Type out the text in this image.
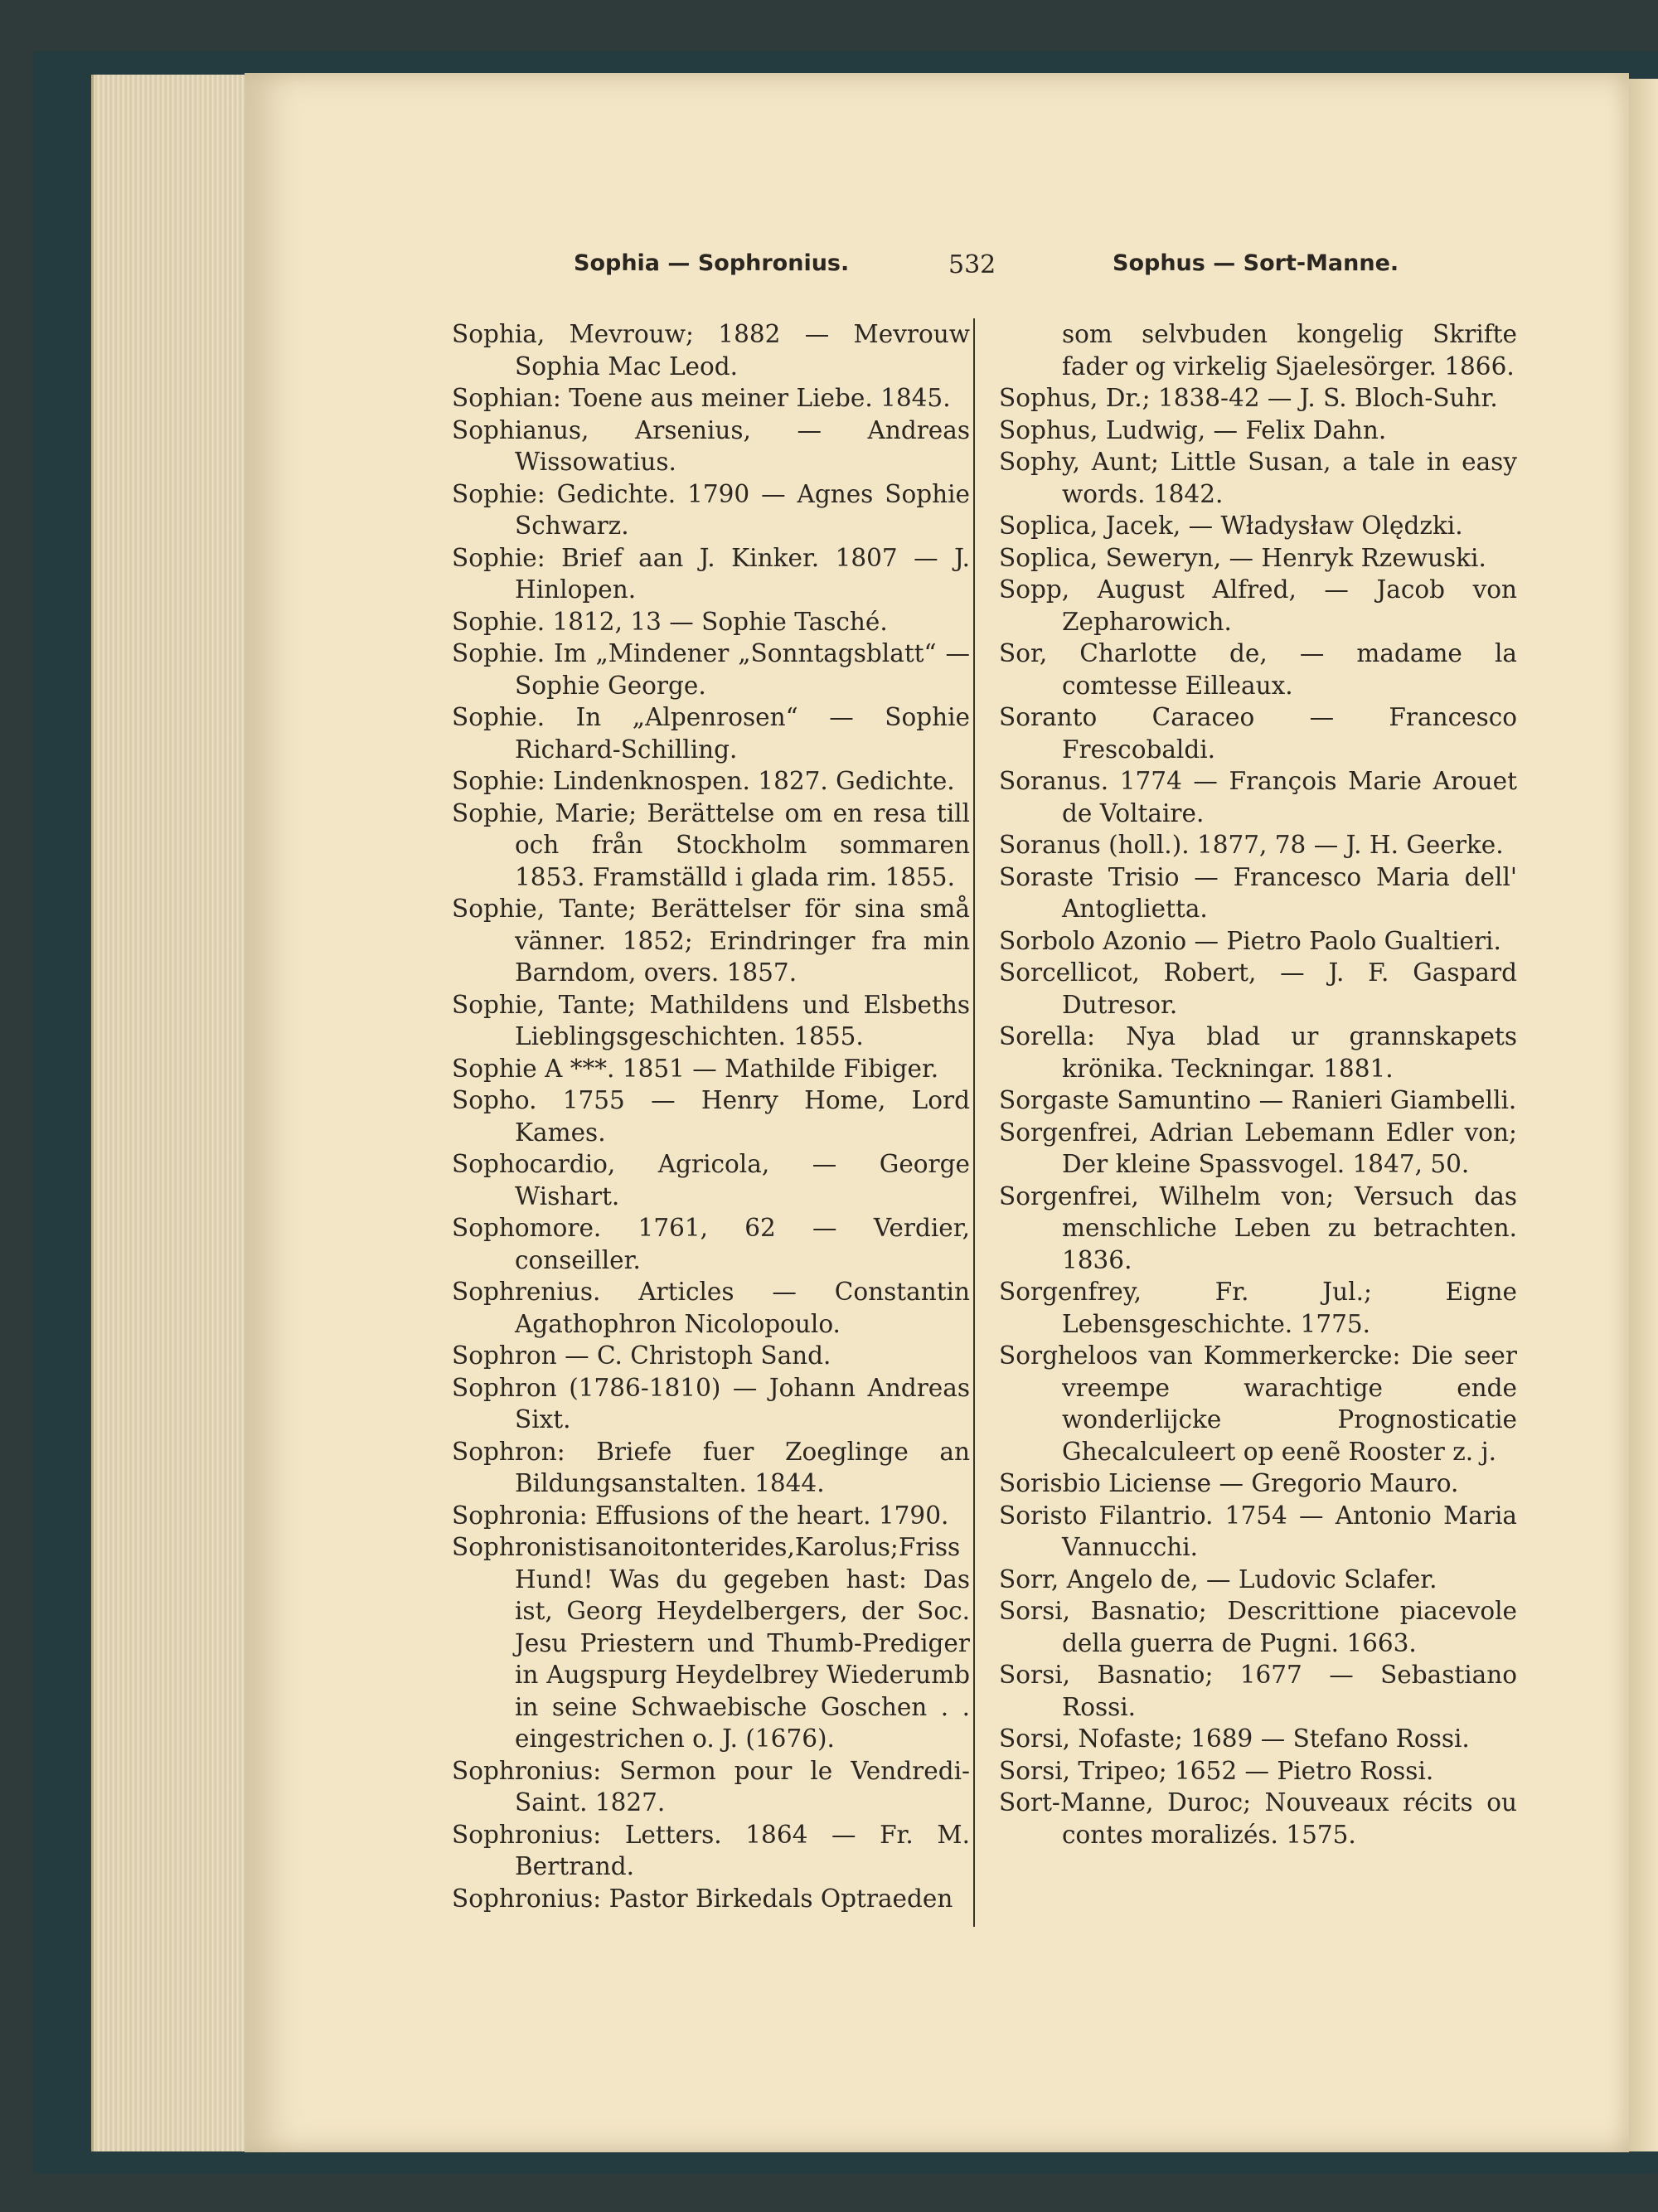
Sophia — Sophronius.	532	Sophus — Sort-Manne.

Sophia, Mevrouw; 1882 — Mevrouw Sophia Mac Leod.

Sophian: Toene aus meiner Liebe. 1845.

Sophianus, Arsenius, — Andreas Wissowatius.

Sophie: Gedichte. 1790 — Agnes Sophie Schwarz.

Sophie: Brief aan J. Kinker. 1807 — J. Hinlopen.

Sophie. 1812, 13 — Sophie Tasché.

Sophie. Im „Mindener „Sonntagsblatt“ — Sophie George.

Sophie. In „Alpenrosen“ — Sophie Richard-Schilling.

Sophie: Lindenknospen. 1827. Gedichte.

Sophie, Marie; Berättelse om en resa till och från Stockholm sommaren 1853. Framställd i glada rim. 1855.

Sophie, Tante; Berättelser för sina små vänner. 1852; Erindringer fra min Barndom, overs. 1857.

Sophie, Tante; Mathildens und Elsbeths Lieblingsgeschichten. 1855.

Sophie A ***. 1851 — Mathilde Fibiger.

Sopho. 1755 — Henry Home, Lord Kames.

Sophocardio, Agricola, — George Wishart.

Sophomore. 1761, 62 — Verdier, conseiller.

Sophrenius. Articles — Constantin Agathophron Nicolopoulo.

Sophron — C. Christoph Sand.

Sophron (1786-1810) — Johann Andreas Sixt.

Sophron: Briefe fuer Zoeglinge an Bildungsanstalten. 1844.

Sophronia: Effusions of the heart. 1790.

Sophronistisanoitonterides,Karolus;Friss Hund! Was du gegeben hast: Das ist, Georg Heydelbergers, der Soc. Jesu Priestern und Thumb-Prediger in Augspurg Heydelbrey Wiederumb in seine Schwaebische Goschen . . eingestrichen o. J. (1676).

Sophronius: Sermon pour le Vendredi-Saint. 1827.

Sophronius: Letters. 1864 — Fr. M. Bertrand.

Sophronius: Pastor Birkedals Optraeden

som selvbuden kongelig Skrifte fader og virkelig Sjaelesörger. 1866.

Sophus, Dr.; 1838-42 — J. S. Bloch-Suhr.

Sophus, Ludwig, — Felix Dahn.

Sophy, Aunt; Little Susan, a tale in easy words. 1842.

Soplica, Jacek, — Władysław Olędzki.

Soplica, Seweryn, — Henryk Rzewuski.

Sopp, August Alfred, — Jacob von Zepharowich.

Sor, Charlotte de, — madame la comtesse Eilleaux.

Soranto Caraceo — Francesco Frescobaldi.

Soranus. 1774 — François Marie Arouet de Voltaire.

Soranus (holl.). 1877, 78 — J. H. Geerke.

Soraste Trisio — Francesco Maria dell' Antoglietta.

Sorbolo Azonio — Pietro Paolo Gualtieri.

Sorcellicot, Robert, — J. F. Gaspard Dutresor.

Sorella: Nya blad ur grannskapets krönika. Teckningar. 1881.

Sorgaste Samuntino — Ranieri Giambelli.

Sorgenfrei, Adrian Lebemann Edler von; Der kleine Spassvogel. 1847, 50.

Sorgenfrei, Wilhelm von; Versuch das menschliche Leben zu betrachten. 1836.

Sorgenfrey, Fr. Jul.; Eigne Lebensgeschichte. 1775.

Sorgheloos van Kommerkercke: Die seer vreempe warachtige ende wonderlijcke Prognosticatie Ghecalculeert op eenẽ Rooster z. j.

Sorisbio Liciense — Gregorio Mauro.

Soristo Filantrio. 1754 — Antonio Maria Vannucchi.

Sorr, Angelo de, — Ludovic Sclafer.

Sorsi, Basnatio; Descrittione piacevole della guerra de Pugni. 1663.

Sorsi, Basnatio; 1677 — Sebastiano Rossi.

Sorsi, Nofaste; 1689 — Stefano Rossi.

Sorsi, Tripeo; 1652 — Pietro Rossi.

Sort-Manne, Duroc; Nouveaux récits ou contes moralizés. 1575.
